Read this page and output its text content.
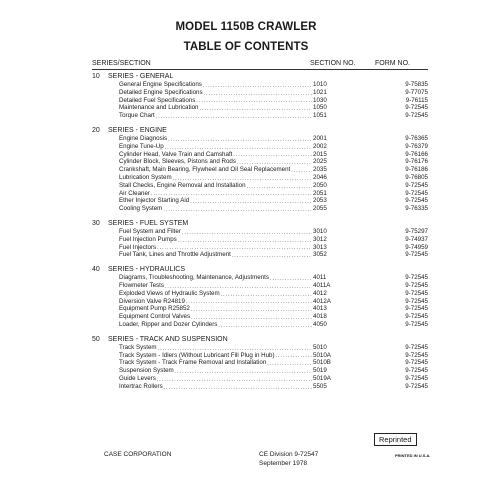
MODEL 1150B CRAWLER
TABLE OF CONTENTS
SERIES/SECTION	SECTION NO.	FORM NO.
10	SERIES - GENERAL
General Engine Specifications .....	1010	9-75835
Detailed Engine Specifications .....	1021	9-77075
Detailed Fuel Specifications .....	1030	9-76115
Maintenance and Lubrication .....	1050	9-72545
Torque Chart .....	1051	9-72545
20	SERIES - ENGINE
Engine Diagnosis .....	2001	9-76365
Engine Tune-Up .....	2002	9-76379
Cylinder Head, Valve Train and Camshaft .....	2015	9-76166
Cylinder Block, Sleeves, Pistons and Rods .....	2025	9-76176
Crankshaft, Main Bearing, Flywheel and Oil Seal Replacement .....	2035	9-76186
Lubrication System .....	2046	9-76805
Stall Checks, Engine Removal and Installation .....	2050	9-72545
Air Cleaner .....	2051	9-72545
Ether Injector Starting Aid .....	2053	9-72545
Cooling System .....	2055	9-76335
30	SERIES - FUEL SYSTEM
Fuel System and Filter .....	3010	9-75297
Fuel Injection Pumps .....	3012	9-74937
Fuel Injectors .....	3013	9-74959
Fuel Tank, Lines and Throttle Adjustment .....	3052	9-72545
40	SERIES - HYDRAULICS
Diagrams, Troubleshooting, Maintenance, Adjustments .....	4011	9-72545
Flowmeter Tests .....	4011A	9-72545
Exploded Views of Hydraulic System .....	4012	9-72545
Diversion Valve R24819 .....	4012A	9-72545
Equipment Pump R25852 .....	4013	9-72545
Equipment Control Valves .....	4018	9-72545
Loader, Ripper and Dozer Cylinders .....	4050	9-72545
50	SERIES - TRACK AND SUSPENSION
Track System .....	5010	9-72545
Track System - Idlers (Without Lubricant Fill Plug in Hub) .....	5010A	9-72545
Track System - Track Frame Removal and Installation .....	5010B	9-72545
Suspension System .....	5019	9-72545
Guide Levers .....	5019A	9-72545
Intertrac Rollers .....	5505	9-72545
Reprinted
CASE CORPORATION	CE Division 9-72547
September 1978
PRINTED IN U.S.A.
